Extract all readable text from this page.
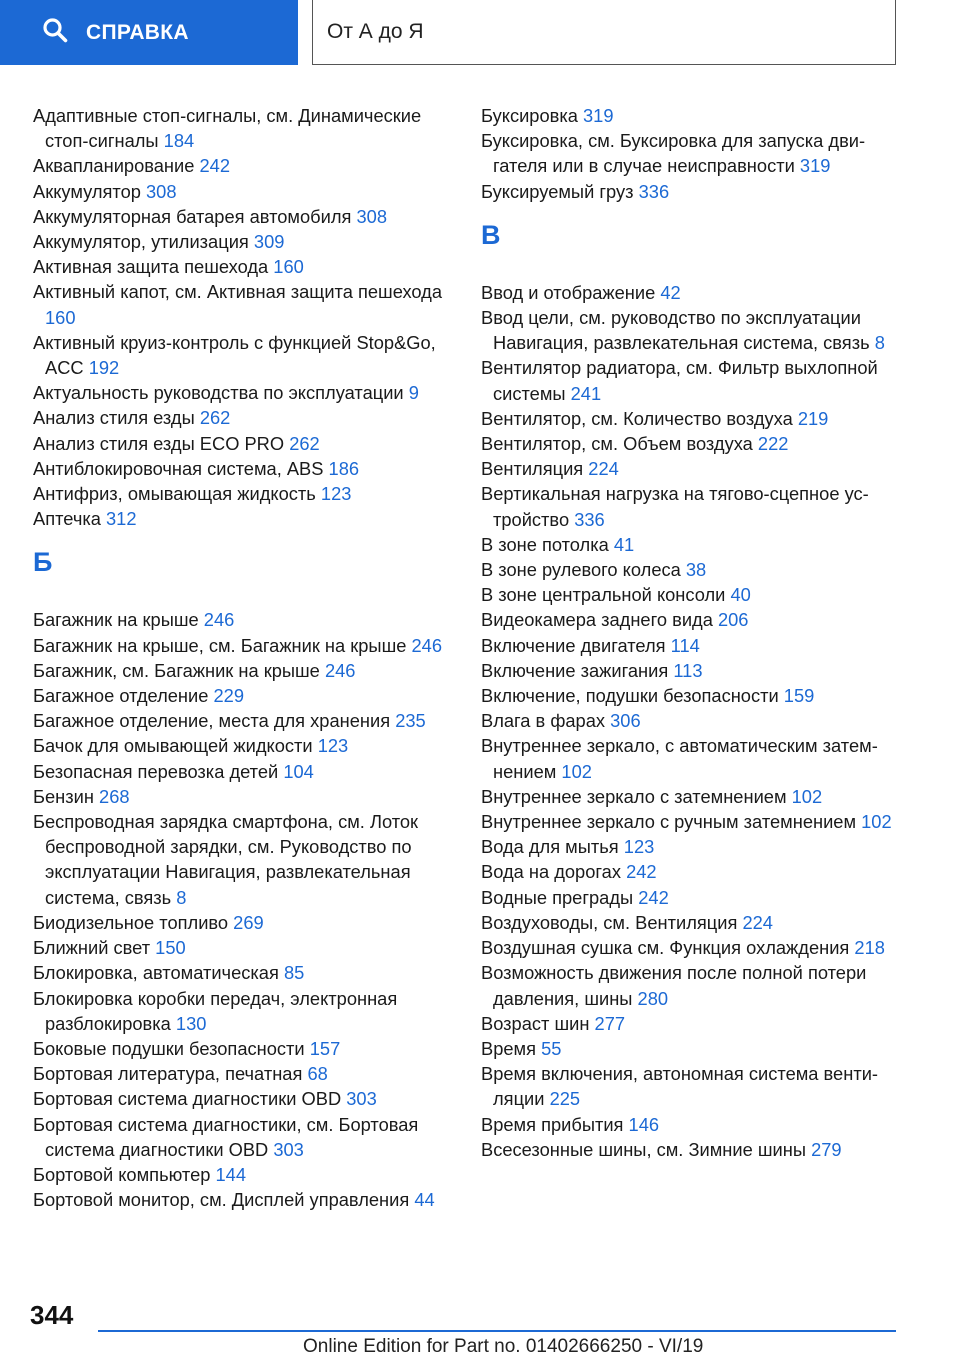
СПРАВКА	От А до Я

Адаптивные стоп-сигналы, см. Динамические стоп-сигналы 184

Аквапланирование 242

Аккумулятор 308

Аккумуляторная батарея автомобиля 308

Аккумулятор, утилизация 309

Активная защита пешехода 160

Активный капот, см. Активная защита пешехода 160

Активный круиз-контроль с функцией Stop&Go, ACC 192

Актуальность руководства по эксплуатации 9

Анализ стиля езды 262

Анализ стиля езды ECO PRO 262

Антиблокировочная система, ABS 186

Антифриз, омывающая жидкость 123

Аптечка 312

Б

Багажник на крыше 246

Багажник на крыше, см. Багажник на крыше 246

Багажник, см. Багажник на крыше 246

Багажное отделение 229

Багажное отделение, места для хранения 235

Бачок для омывающей жидкости 123

Безопасная перевозка детей 104

Бензин 268

Беспроводная зарядка смартфона, см. Лоток беспроводной зарядки, см. Руководство по эксплуатации Навигация, развлекательная система, связь 8

Биодизельное топливо 269

Ближний свет 150

Блокировка, автоматическая 85

Блокировка коробки передач, электронная разблокировка 130

Боковые подушки безопасности 157

Бортовая литература, печатная 68

Бортовая система диагностики OBD 303

Бортовая система диагностики, см. Бортовая система диагностики OBD 303

Бортовой компьютер 144

Бортовой монитор, см. Дисплей управления 44

Буксировка 319

Буксировка, см. Буксировка для запуска двигателя или в случае неисправности 319

Буксируемый груз 336

В

Ввод и отображение 42

Ввод цели, см. руководство по эксплуатации Навигация, развлекательная система, связь 8

Вентилятор радиатора, см. Фильтр выхлопной системы 241

Вентилятор, см. Количество воздуха 219

Вентилятор, см. Объем воздуха 222

Вентиляция 224

Вертикальная нагрузка на тягово-сцепное устройство 336

В зоне потолка 41

В зоне рулевого колеса 38

В зоне центральной консоли 40

Видеокамера заднего вида 206

Включение двигателя 114

Включение зажигания 113

Включение, подушки безопасности 159

Влага в фарах 306

Внутреннее зеркало, с автоматическим затемнением 102

Внутреннее зеркало с затемнением 102

Внутреннее зеркало с ручным затемнением 102

Вода для мытья 123

Вода на дорогах 242

Водные преграды 242

Воздуховоды, см. Вентиляция 224

Воздушная сушка см. Функция охлаждения 218

Возможность движения после полной потери давления, шины 280

Возраст шин 277

Время 55

Время включения, автономная система вентиляции 225

Время прибытия 146

Всесезонные шины, см. Зимние шины 279

344
Online Edition for Part no. 01402666250 - VI/19
